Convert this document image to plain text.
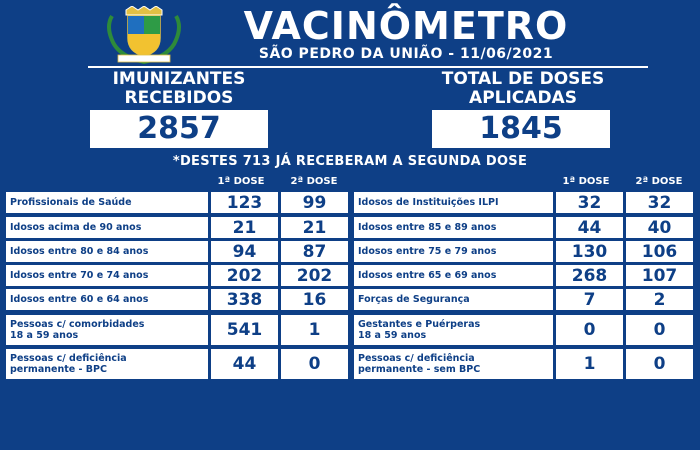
VACINÔMETRO
SÃO PEDRO DA UNIÃO - 11/06/2021
IMUNIZANTES
RECEBIDOS
2857
TOTAL DE DOSES
APLICADAS
1845
*DESTES 713 JÁ RECEBERAM A SEGUNDA DOSE
1ª DOSE	2ª DOSE	1ª DOSE	2ª DOSE
Profissionais de Saúde	123	99
Idosos acima de 90 anos	21	21
Idosos entre 80 e 84 anos	94	87
Idosos entre 70 e 74 anos	202	202
Idosos entre 60 e 64 anos	338	16
Pessoas c/ comorbidades
18 a 59 anos	541	1
Pessoas c/ deficiência
permanente - BPC	44	0
Idosos de Instituições ILPI	32	32
Idosos entre 85 e 89 anos	44	40
Idosos entre 75 e 79 anos	130	106
Idosos entre 65 e 69 anos	268	107
Forças de Segurança	7	2
Gestantes e Puérperas
18 a 59 anos	0	0
Pessoas c/ deficiência
permanente - sem BPC	1	0
